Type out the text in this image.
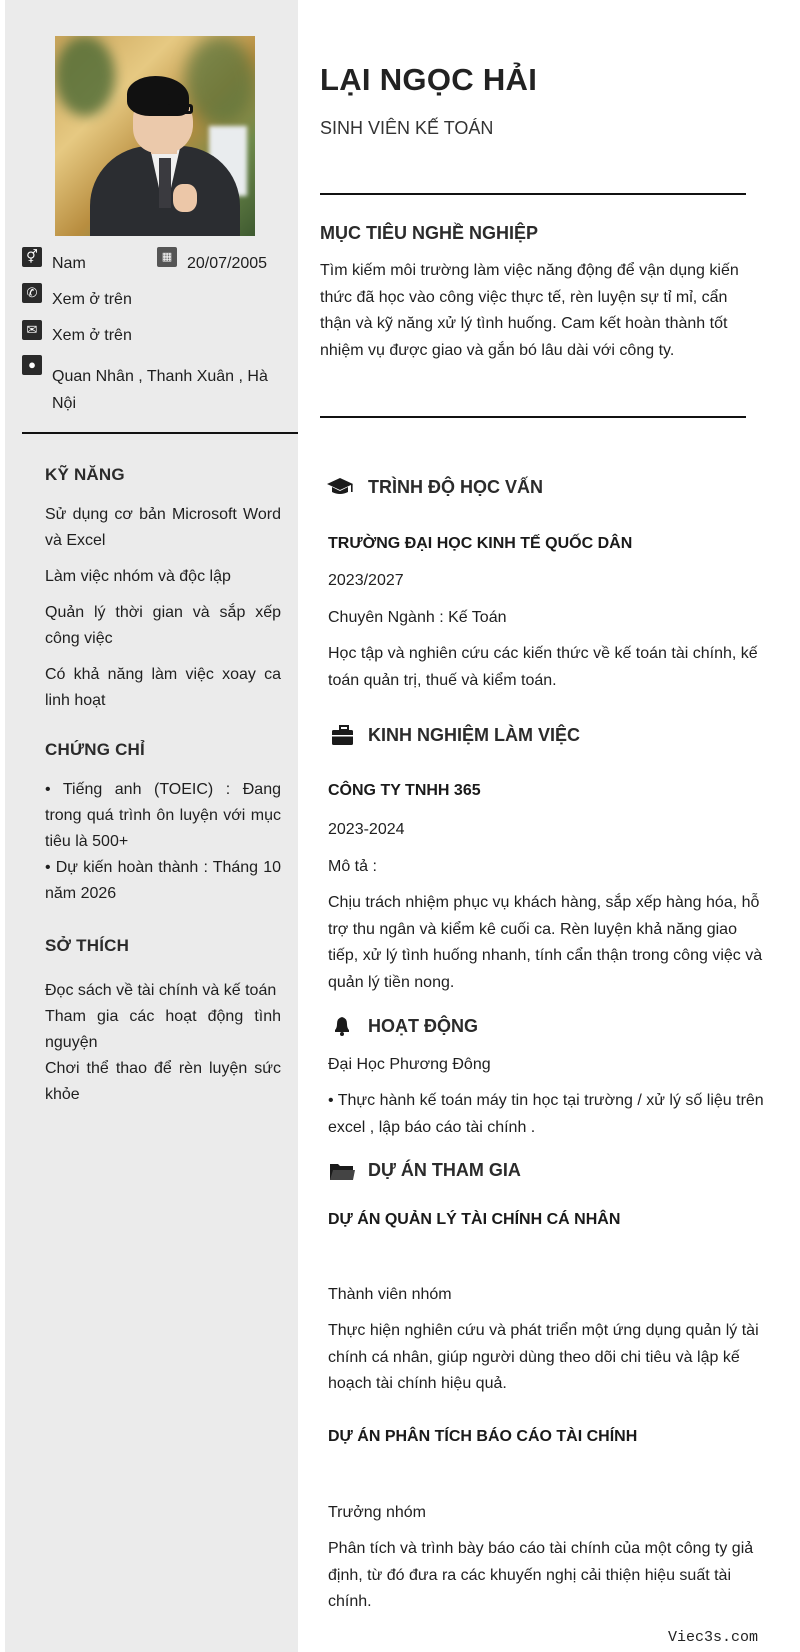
⚥ Nam	▦ 20/07/2005
✆ Xem ở trên
✉ Xem ở trên
●
Quan Nhân , Thanh Xuân , Hà Nội
KỸ NĂNG
Sử dụng cơ bản Microsoft Word và Excel
Làm việc nhóm và độc lập
Quản lý thời gian và sắp xếp công việc
Có khả năng làm việc xoay ca linh hoạt
CHỨNG CHỈ
• Tiếng anh (TOEIC) : Đang trong quá trình ôn luyện với mục tiêu là 500+
• Dự kiến hoàn thành : Tháng 10 năm 2026
SỞ THÍCH
Đọc sách về tài chính và kế toán
Tham gia các hoạt động tình nguyện
Chơi thể thao để rèn luyện sức khỏe
LẠI NGỌC HẢI
SINH VIÊN KẾ TOÁN
MỤC TIÊU NGHỀ NGHIỆP
Tìm kiếm môi trường làm việc năng động để vận dụng kiến thức đã học vào công việc thực tế, rèn luyện sự tỉ mỉ, cẩn thận và kỹ năng xử lý tình huống. Cam kết hoàn thành tốt nhiệm vụ được giao và gắn bó lâu dài với công ty.
TRÌNH ĐỘ HỌC VẤN
TRƯỜNG ĐẠI HỌC KINH TẾ QUỐC DÂN
2023/2027
Chuyên Ngành : Kế Toán
Học tập và nghiên cứu các kiến thức về kế toán tài chính, kế toán quản trị, thuế và kiểm toán.
KINH NGHIỆM LÀM VIỆC
CÔNG TY TNHH 365
2023-2024
Mô tả :
Chịu trách nhiệm phục vụ khách hàng, sắp xếp hàng hóa, hỗ trợ thu ngân và kiểm kê cuối ca. Rèn luyện khả năng giao tiếp, xử lý tình huống nhanh, tính cẩn thận trong công việc và quản lý tiền nong.
HOẠT ĐỘNG
Đại Học Phương Đông
• Thực hành kế toán máy tin học tại trường / xử lý số liệu trên excel , lập báo cáo tài chính .
DỰ ÁN THAM GIA
DỰ ÁN QUẢN LÝ TÀI CHÍNH CÁ NHÂN
Thành viên nhóm
Thực hiện nghiên cứu và phát triển một ứng dụng quản lý tài chính cá nhân, giúp người dùng theo dõi chi tiêu và lập kế hoạch tài chính hiệu quả.
DỰ ÁN PHÂN TÍCH BÁO CÁO TÀI CHÍNH
Trưởng nhóm
Phân tích và trình bày báo cáo tài chính của một công ty giả định, từ đó đưa ra các khuyến nghị cải thiện hiệu suất tài chính.
Viec3s.com
